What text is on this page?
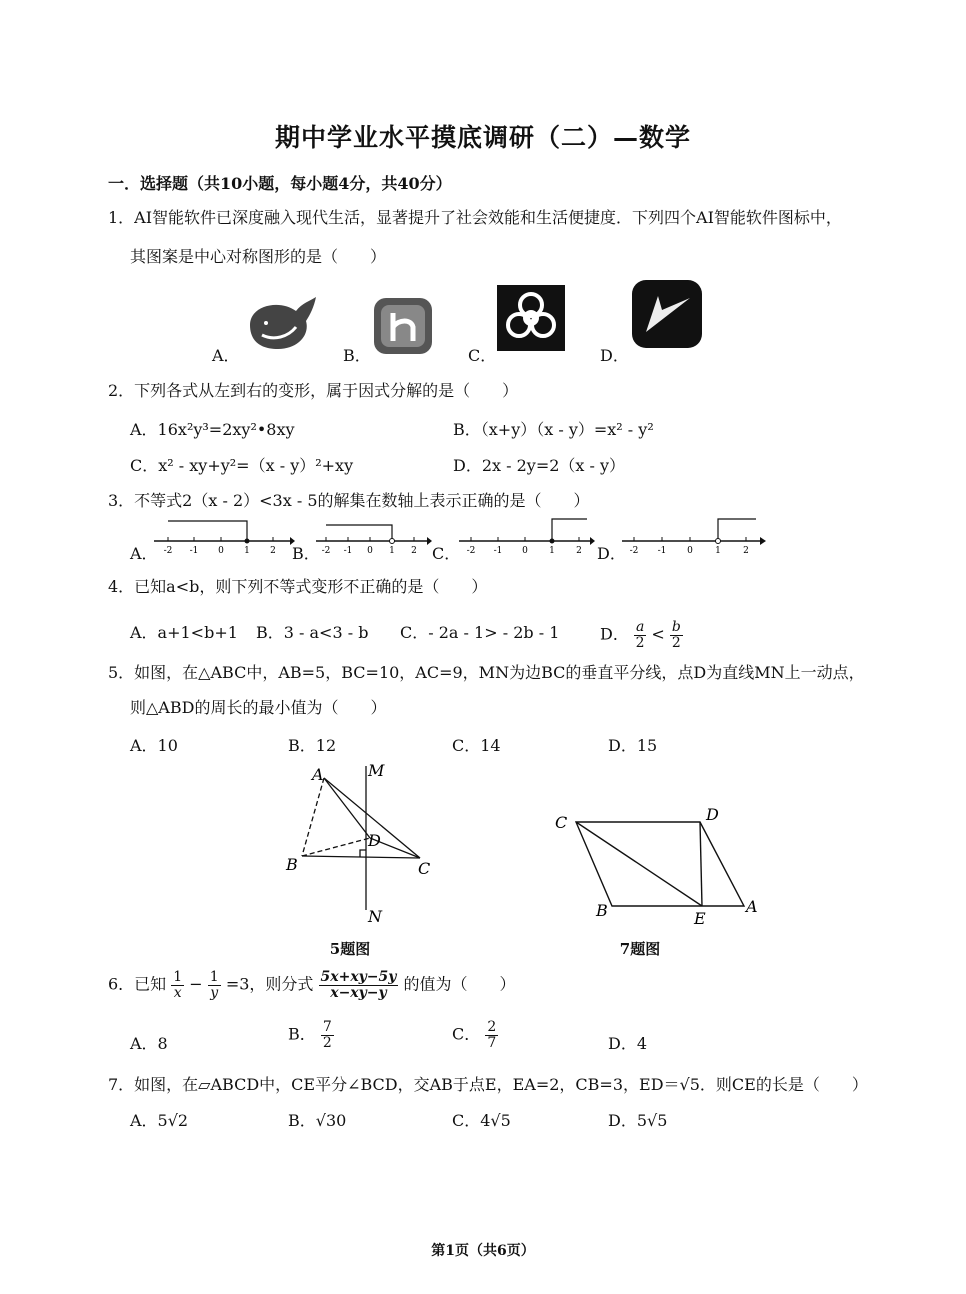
期中学业水平摸底调研（二）—数学
一．选择题（共10小题，每小题4分，共40分）
1．AI智能软件已深度融入现代生活，显著提升了社会效能和生活便捷度．下列四个AI智能软件图标中，
其图案是中心对称图形的是（　　）
A．	B．	C．	D．
2．下列各式从左到右的变形，属于因式分解的是（　　）
A．16x²y³=2xy²•8xy	B．（x+y）（x - y）=x² - y²
C．x² - xy+y²=（x - y）²+xy	D．2x - 2y=2（x - y）
3．不等式2（x - 2）<3x - 5的解集在数轴上表示正确的是（　　）
A． -2 -1 0 1 2 B． -2 -1 0 1 2 C． -2 -1 0 1 2 D． -2 -1 0 1 2
4．已知a<b，则下列不等式变形不正确的是（　　）
A．a+1<b+1 B．3 - a<3 - b C．- 2a - 1> - 2b - 1	D． $\frac{a}{2} < \frac{b}{2}$
5．如图，在△ABC中，AB=5，BC=10，AC=9，MN为边BC的垂直平分线，点D为直线MN上一动点，
则△ABD的周长的最小值为（　　）
A．10	B．12	C．14	D．15
A	M
D
B	C
N
5题图
C	D
B	E
A
7题图
6．已知 $\frac{1}{x} - \frac{1}{y} =3$，则分式 $\frac{5x+xy-5y}{x-xy-y}$ 的值为（　　）
A．8	B． $\frac{7}{2}$	C． $\frac{2}{7}$	D．4
7．如图，在▱ABCD中，CE平分∠BCD，交AB于点E，EA=2，CB=3，ED＝√5．则CE的长是（　　）
A．5√2	B．√30	C．4√5	D．5√5
第1页（共6页）
